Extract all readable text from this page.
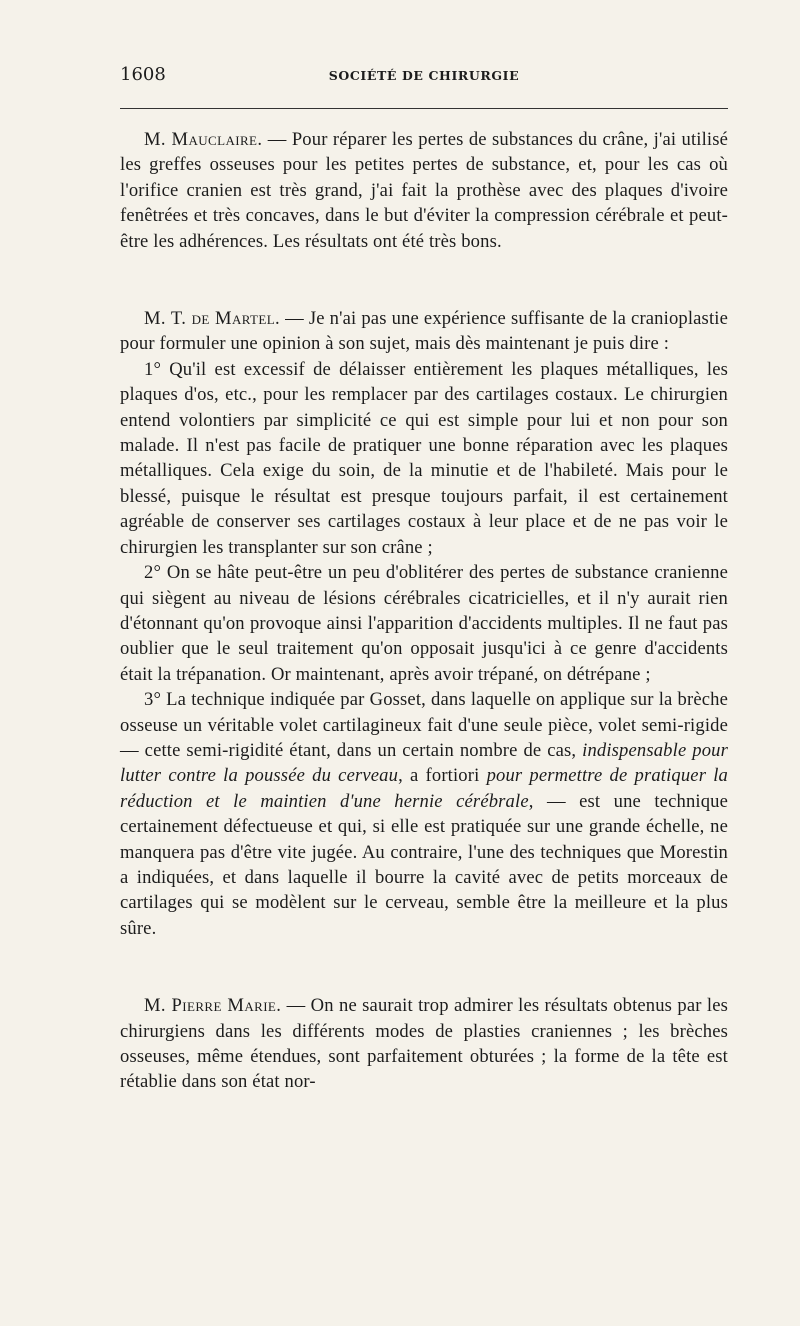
1608	SOCIÉTÉ DE CHIRURGIE

M. Mauclaire. — Pour réparer les pertes de substances du crâne, j'ai utilisé les greffes osseuses pour les petites pertes de substance, et, pour les cas où l'orifice cranien est très grand, j'ai fait la prothèse avec des plaques d'ivoire fenêtrées et très concaves, dans le but d'éviter la compression cérébrale et peut-être les adhérences. Les résultats ont été très bons.

M. T. de Martel. — Je n'ai pas une expérience suffisante de la cranioplastie pour formuler une opinion à son sujet, mais dès maintenant je puis dire :

1° Qu'il est excessif de délaisser entièrement les plaques métalliques, les plaques d'os, etc., pour les remplacer par des cartilages costaux. Le chirurgien entend volontiers par simplicité ce qui est simple pour lui et non pour son malade. Il n'est pas facile de pratiquer une bonne réparation avec les plaques métalliques. Cela exige du soin, de la minutie et de l'habileté. Mais pour le blessé, puisque le résultat est presque toujours parfait, il est certainement agréable de conserver ses cartilages costaux à leur place et de ne pas voir le chirurgien les transplanter sur son crâne ;

2° On se hâte peut-être un peu d'oblitérer des pertes de substance cranienne qui siègent au niveau de lésions cérébrales cicatricielles, et il n'y aurait rien d'étonnant qu'on provoque ainsi l'apparition d'accidents multiples. Il ne faut pas oublier que le seul traitement qu'on opposait jusqu'ici à ce genre d'accidents était la trépanation. Or maintenant, après avoir trépané, on détrépane ;

3° La technique indiquée par Gosset, dans laquelle on applique sur la brèche osseuse un véritable volet cartilagineux fait d'une seule pièce, volet semi-rigide — cette semi-rigidité étant, dans un certain nombre de cas, indispensable pour lutter contre la poussée du cerveau, a fortiori pour permettre de pratiquer la réduction et le maintien d'une hernie cérébrale, — est une technique certainement défectueuse et qui, si elle est pratiquée sur une grande échelle, ne manquera pas d'être vite jugée. Au contraire, l'une des techniques que Morestin a indiquées, et dans laquelle il bourre la cavité avec de petits morceaux de cartilages qui se modèlent sur le cerveau, semble être la meilleure et la plus sûre.

M. Pierre Marie. — On ne saurait trop admirer les résultats obtenus par les chirurgiens dans les différents modes de plasties craniennes ; les brèches osseuses, même étendues, sont parfaitement obturées ; la forme de la tête est rétablie dans son état nor-
